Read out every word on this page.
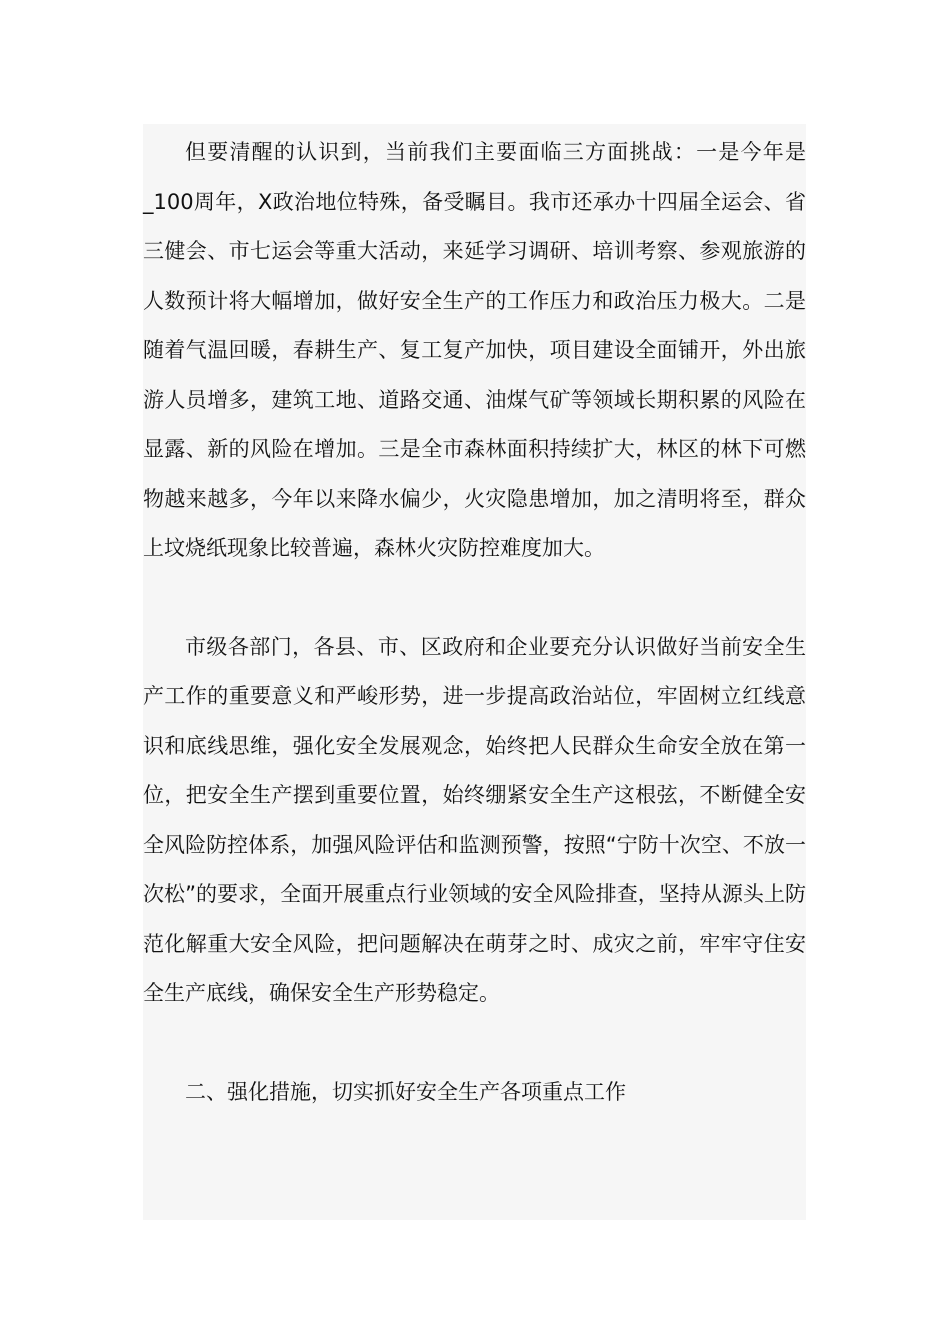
但要清醒的认识到，当前我们主要面临三方面挑战：一是今年是_100周年，X政治地位特殊，备受瞩目。我市还承办十四届全运会、省三健会、市七运会等重大活动，来延学习调研、培训考察、参观旅游的人数预计将大幅增加，做好安全生产的工作压力和政治压力极大。二是随着气温回暖，春耕生产、复工复产加快，项目建设全面铺开，外出旅游人员增多，建筑工地、道路交通、油煤气矿等领域长期积累的风险在显露、新的风险在增加。三是全市森林面积持续扩大，林区的林下可燃物越来越多，今年以来降水偏少，火灾隐患增加，加之清明将至，群众上坟烧纸现象比较普遍，森林火灾防控难度加大。

市级各部门，各县、市、区政府和企业要充分认识做好当前安全生产工作的重要意义和严峻形势，进一步提高政治站位，牢固树立红线意识和底线思维，强化安全发展观念，始终把人民群众生命安全放在第一位，把安全生产摆到重要位置，始终绷紧安全生产这根弦，不断健全安全风险防控体系，加强风险评估和监测预警，按照“宁防十次空、不放一次松”的要求，全面开展重点行业领域的安全风险排查，坚持从源头上防范化解重大安全风险，把问题解决在萌芽之时、成灾之前，牢牢守住安全生产底线，确保安全生产形势稳定。

二、强化措施，切实抓好安全生产各项重点工作
